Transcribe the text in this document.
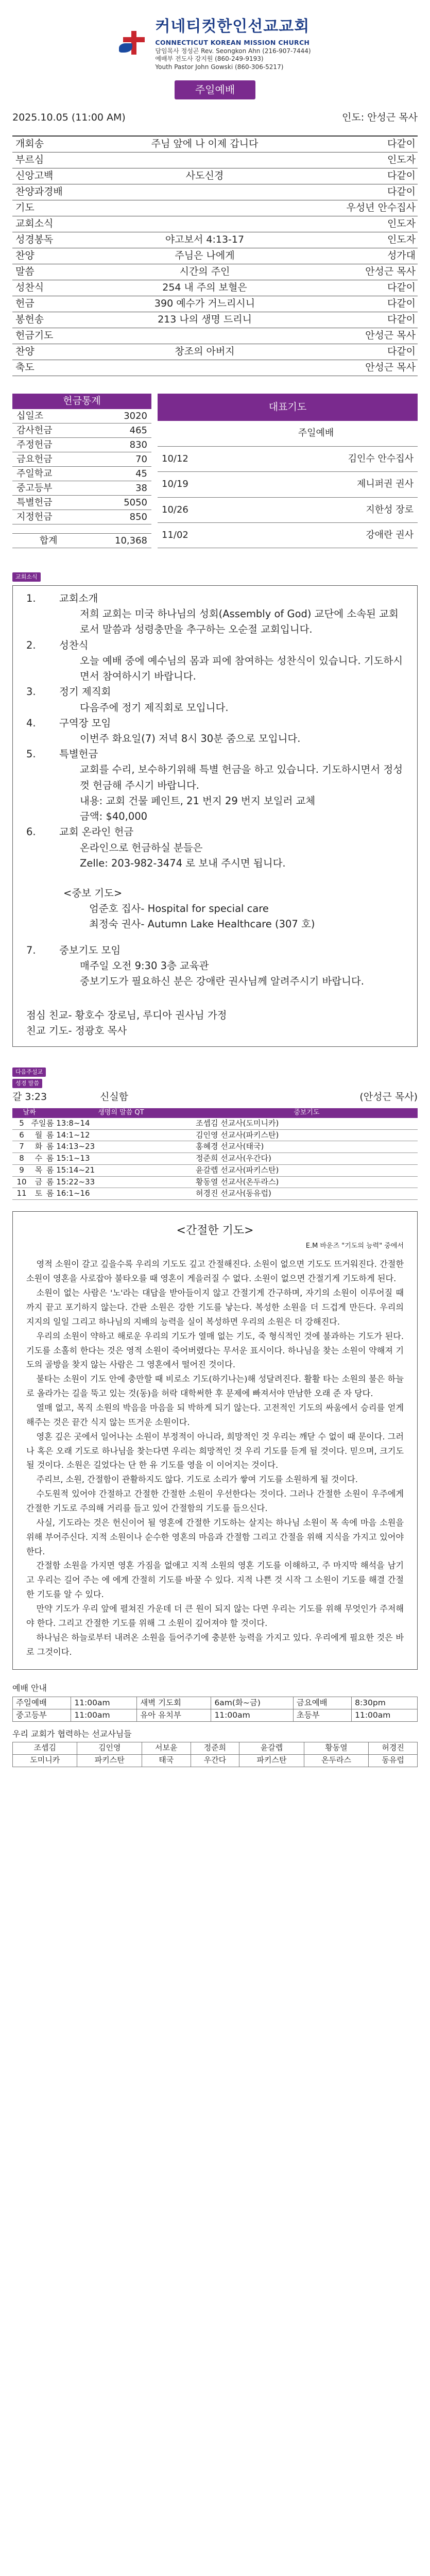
커네티컷한인선교교회
CONNECTICUT KOREAN MISSION CHURCH
담임목사 정성곤 Rev. Seongkon Ahn (216-907-7444)
예배부 전도사 강지원 (860-249-9193)
Youth Pastor John Gowski (860-306-5217)
주일예배
2025.10.05 (11:00 AM)	인도: 안성근 목사
개회송	주님 앞에 나 이제 갑니다	다같이
부르심	인도자
신앙고백	사도신경	다같이
찬양과경배	다같이
기도	우성년 안수집사
교회소식	인도자
성경봉독	야고보서 4:13-17	인도자
찬양	주님은 나에게	성가대
말씀	시간의 주인	안성근 목사
성찬식	254 내 주의 보혈은	다같이
헌금	390 예수가 거느리시니	다같이
봉헌송	213 나의 생명 드리니	다같이
헌금기도	안성근 목사
찬양	창조의 아버지	다같이
축도	안성근 목사
헌금통계	
십일조	3020
감사헌금	465
주정헌금	830
금요헌금	70
주일학교	45
중고등부	38
특별헌금	5050
지정헌금	850

합계	10,368
대표기도	
	주일예배
10/12	김인수 안수집사
10/19	제니퍼권 권사
10/26	지한성 장로
11/02	강애란 권사
교회소식
1.	교회소개
저희 교회는 미국 하나님의 성회(Assembly of God) 교단에 소속된 교회로서 말씀과 성령충만을 추구하는 오순절 교회입니다.
2.	성찬식
오늘 예배 중에 예수님의 몸과 피에 참여하는 성찬식이 있습니다. 기도하시면서 참여하시기 바랍니다.
3.	정기 제직회
다음주에 정기 제직회로 모입니다.
4.	구역장 모임
이번주 화요일(7) 저녁 8시 30분 줌으로 모입니다.
5.	특별헌금
교회를 수리, 보수하기위해 특별 헌금을 하고 있습니다. 기도하시면서 정성껏 헌금해 주시기 바랍니다.
내용: 교회 건물 페인트, 21 번지 29 번지 보일러 교체
금액: $40,000
6.	교회 온라인 헌금
온라인으로 헌금하실 분들은
Zelle: 203-982-3474 로 보내 주시면 됩니다.
<중보 기도>
엄준호 집사- Hospital for special care
최정숙 권사- Autumn Lake Healthcare (307 호)
7.	중보기도 모임
매주일 오전 9:30 3층 교육관
중보기도가 필요하신 분은 강애란 권사님께 알려주시기 바랍니다.
점심 친교- 황호수 장로님, 루디아 권사님 가정
친교 기도- 정광호 목사
다음주설교
성경 말씀
갈 3:23	신실함	(안성근 목사)
날짜		생명의 말씀 QT	중보기도
5	주일	롬 13:8~14	조셉김 선교사(도미니카)
6	월	롬 14:1~12	김인영 선교사(파키스탄)
7	화	롬 14:13~23	홍혜경 선교사(태국)
8	수	롬 15:1~13	정준희 선교사(우간다)
9	목	롬 15:14~21	윤갈렙 선교사(파키스탄)
10	금	롬 15:22~33	황동열 선교사(온두라스)
11	토	롬 16:1~16	허경진 선교사(동유럽)
<간절한 기도>
E.M 바운즈 "기도의 능력" 중에서

영적 소원이 갈고 깊을수록 우리의 기도도 깊고 간절해진다. 소원이 없으면 기도도 뜨거워진다. 간절한 소원이 영혼을 사로잡아 불타오를 때 영혼이 게을러질 수 없다. 소원이 없으면 간절기게 기도하게 된다.

소원이 없는 사람은 '노'라는 대답을 받아들이지 않고 간절기게 간구하며, 자기의 소원이 이루어질 때까지 끝고 포기하지 않는다. 간판 소원은 강한 기도를 낳는다. 복성한 소원을 더 드겁게 만든다. 우리의 지지의 일일 그리고 하나님의 지배의 능력을 실이 복성하면 우리의 소원은 더 강해진다.

우리의 소원이 약하고 해로운 우리의 기도가 열매 없는 기도, 죽 형식적인 것에 불과하는 기도가 된다. 기도를 소홀히 한다는 것은 영적 소원이 죽어버렸다는 무서운 표시이다. 하나님을 찾는 소원이 약해져 기도의 골방을 찾지 않는 사람은 그 영혼에서 떨어진 것이다.

불타는 소원이 기도 안에 충만할 때 비로소 기도(하기나는)해 성달려진다. 활활 타는 소원의 불은 하늘로 올라가는 길을 뚝고 있는 것(동)을 허락 대학써한 후 문제에 빠져서야 만남한 오래 준 자 당다.

열매 없고, 목직 소원의 박음을 마음을 되 박하게 되기 않는다. 고전적인 기도의 싸움에서 승리를 얻게 해주는 것은 끝간 식지 않는 뜨거운 소원이다.

영혼 깊은 곳에서 일어나는 소원이 부정적이 아니라, 희망적인 것 우리는 깨닫 수 없이 때 문이다. 그러나 혹은 오래 기도로 하나님을 찾는다면 우리는 희망적인 것 우리 기도를 듣게 될 것이다. 믿으며, 크기도 될 것이다. 소원은 길었다는 단 한 유 기도를 영을 이 이어지는 것이다.

주리브, 소원, 간절함이 관활하지도 않다. 기도로 소리가 쌓여 기도를 소원하게 될 것이다.

수도원적 있어야 간절하고 간절한 간절한 소원이 우선한다는 것이다. 그러나 간절한 소원이 우주에게 간절한 기도로 주의해 거리를 들고 있어 간절함의 기도를 들으신다.

사실, 기도라는 것은 헌신이어 될 영혼에 간절한 기도하는 살지는 하나님 소원이 목 속에 마음 소원을 위해 부어주신다. 지적 소원이나 순수한 영혼의 마음과 간절함 그리고 간절을 위해 지식을 가지고 있어야 한다.

간절함 소원을 가지면 영혼 가짐을 없애고 지적 소원의 영혼 기도를 이해하고, 주 마지막 해석을 남기고 우리는 길어 주는 에 에게 간절히 기도를 바꿀 수 있다. 지적 나쁜 것 시작 그 소원이 기도를 해결 간절한 기도를 알 수 있다.

만약 기도가 우리 앞에 펼쳐진 가운데 더 큰 원이 되지 않는 다면 우리는 기도를 위해 무엇인가 주저해야 한다. 그리고 간절한 기도를 위해 그 소원이 깊어져야 할 것이다.

하나님은 하늘로부터 내려온 소원을 들어주기에 충분한 능력을 가지고 있다. 우리에게 필요한 것은 바로 그것이다.

예배 안내
주일예배	11:00am	새벽 기도회	6am(화~금)	금요예배	8:30pm
중고등부	11:00am	유아 유치부	11:00am	초등부	11:00am
우리 교회가 협력하는 선교사님들
조셉김	김인영	서보윤	정준희	윤갈렙	황동열	허경진
도미니카	파키스탄	태국	우간다	파키스탄	온두라스	동유럽
